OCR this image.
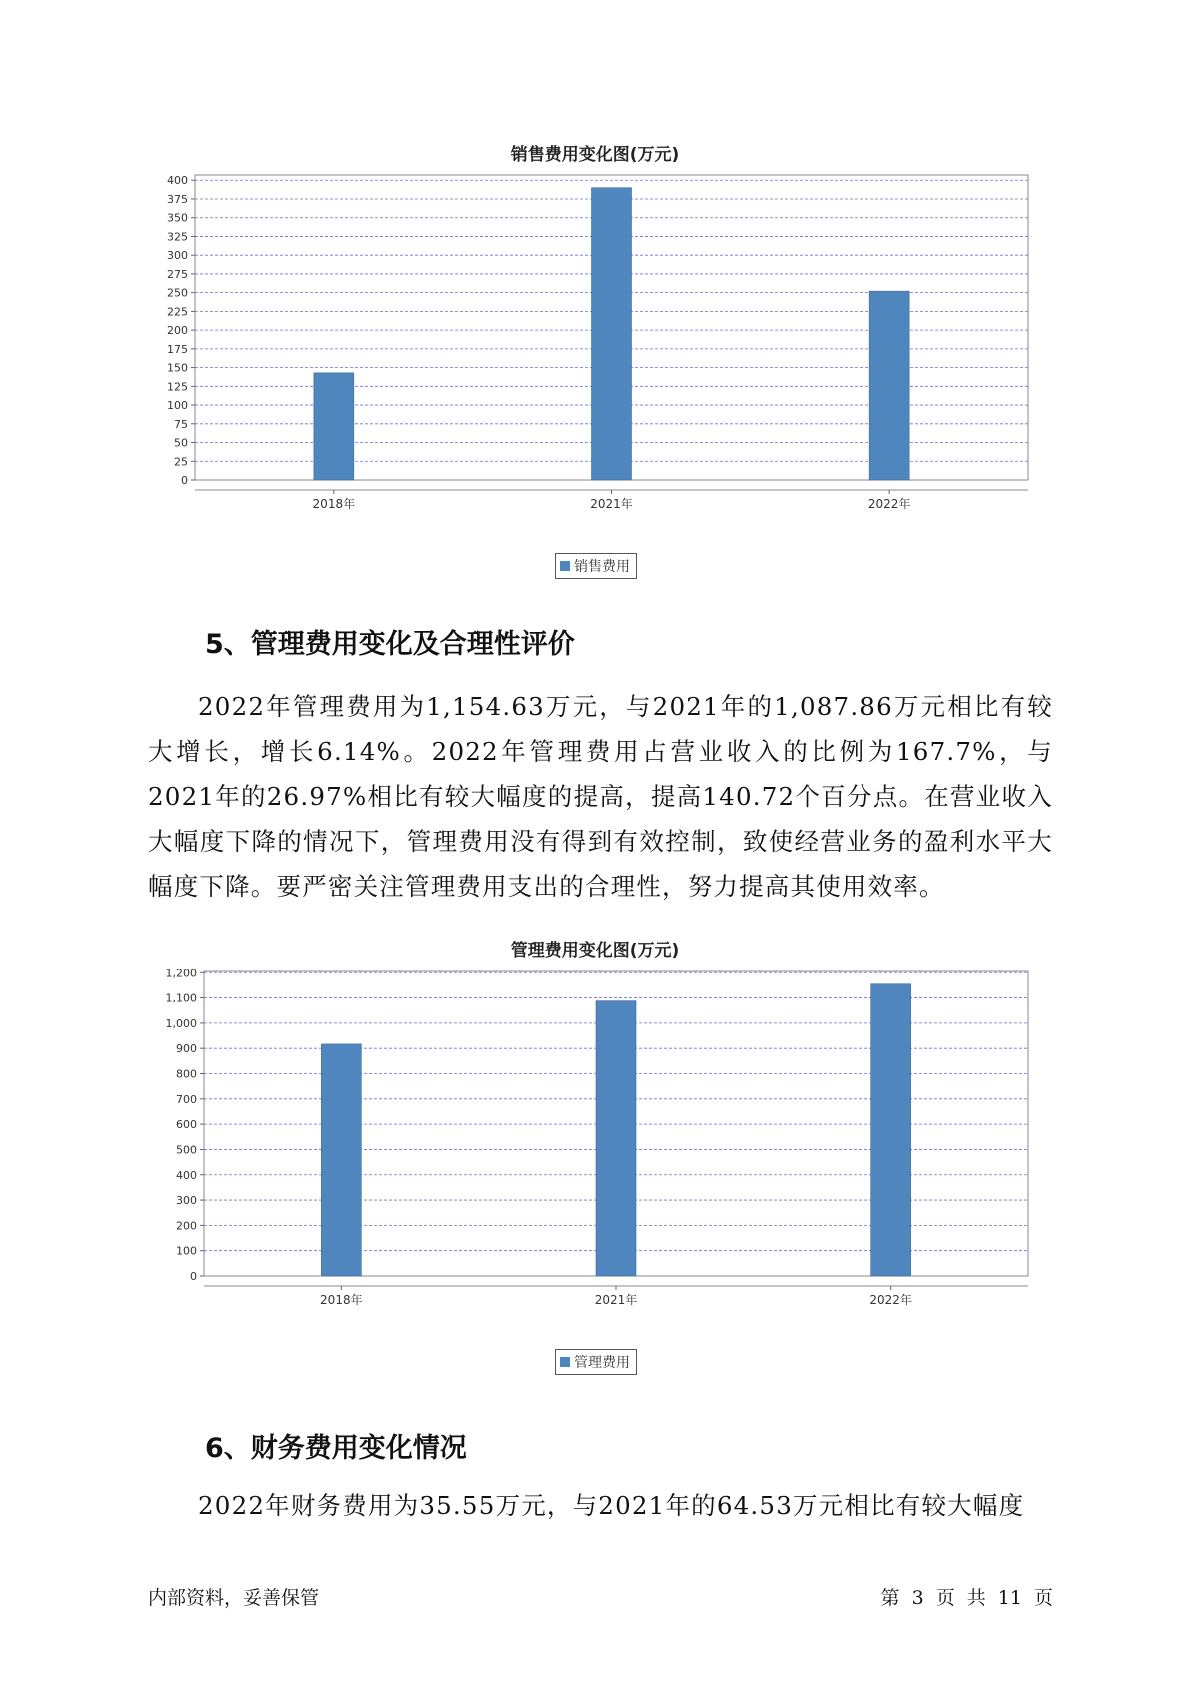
销售费用变化图(万元)
0
25
50
75
100
125
150
175
200
225
250
275
300
325
350
375
400
2018年	2021年	2022年
销售费用
5、管理费用变化及合理性评价
2022年管理费用为1,154.63万元，与2021年的1,087.86万元相比有较大增长，增长6.14%。2022年管理费用占营业收入的比例为167.7%，与2021年的26.97%相比有较大幅度的提高，提高140.72个百分点。在营业收入大幅度下降的情况下，管理费用没有得到有效控制，致使经营业务的盈利水平大幅度下降。要严密关注管理费用支出的合理性，努力提高其使用效率。
管理费用变化图(万元)
0
100
200
300
400
500
600
700
800
900
1,000
1,100
1,200
2018年	2021年	2022年
管理费用
6、财务费用变化情况
2022年财务费用为35.55万元，与2021年的64.53万元相比有较大幅度
内部资料，妥善保管	第 3 页 共 11 页
